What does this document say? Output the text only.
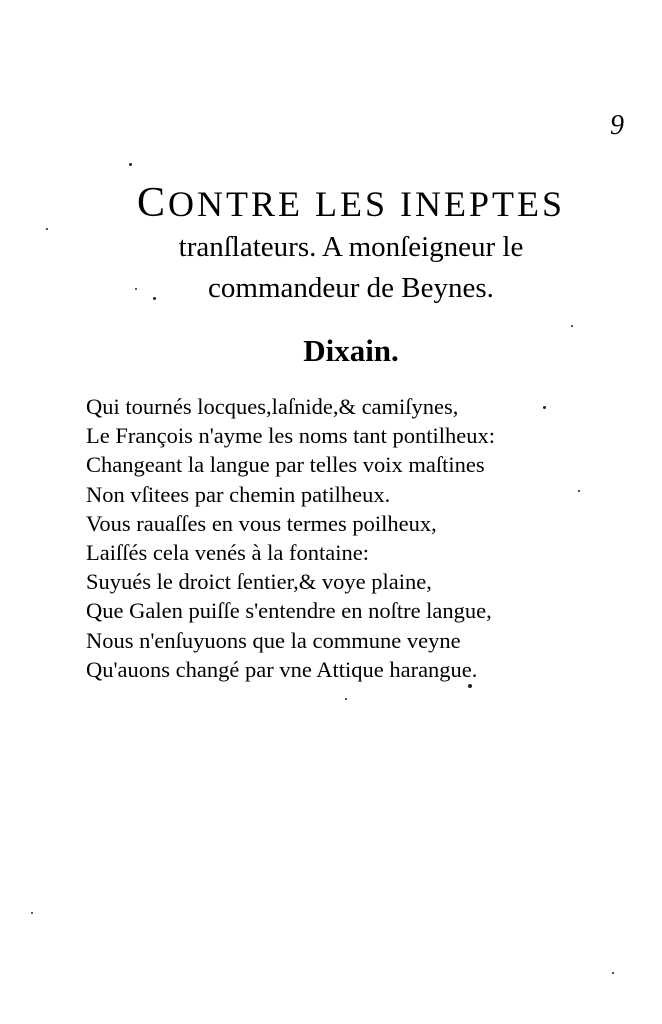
9
CONTRE LES INEPTES
tranſlateurs. A monſeigneur le
commandeur de Beynes.
Dixain.
Qui tournés locques,laſnide,& camiſynes,
Le François n'ayme les noms tant pontilheux:
Changeant la langue par telles voix maſtines
Non vſitees par chemin patilheux.
Vous rauaſſes en vous termes poilheux,
Laiſſés cela venés à la fontaine:
Suyués le droict ſentier,& voye plaine,
Que Galen puiſſe s'entendre en noſtre langue,
Nous n'enſuyuons que la commune veyne
Qu'auons changé par vne Attique harangue.
